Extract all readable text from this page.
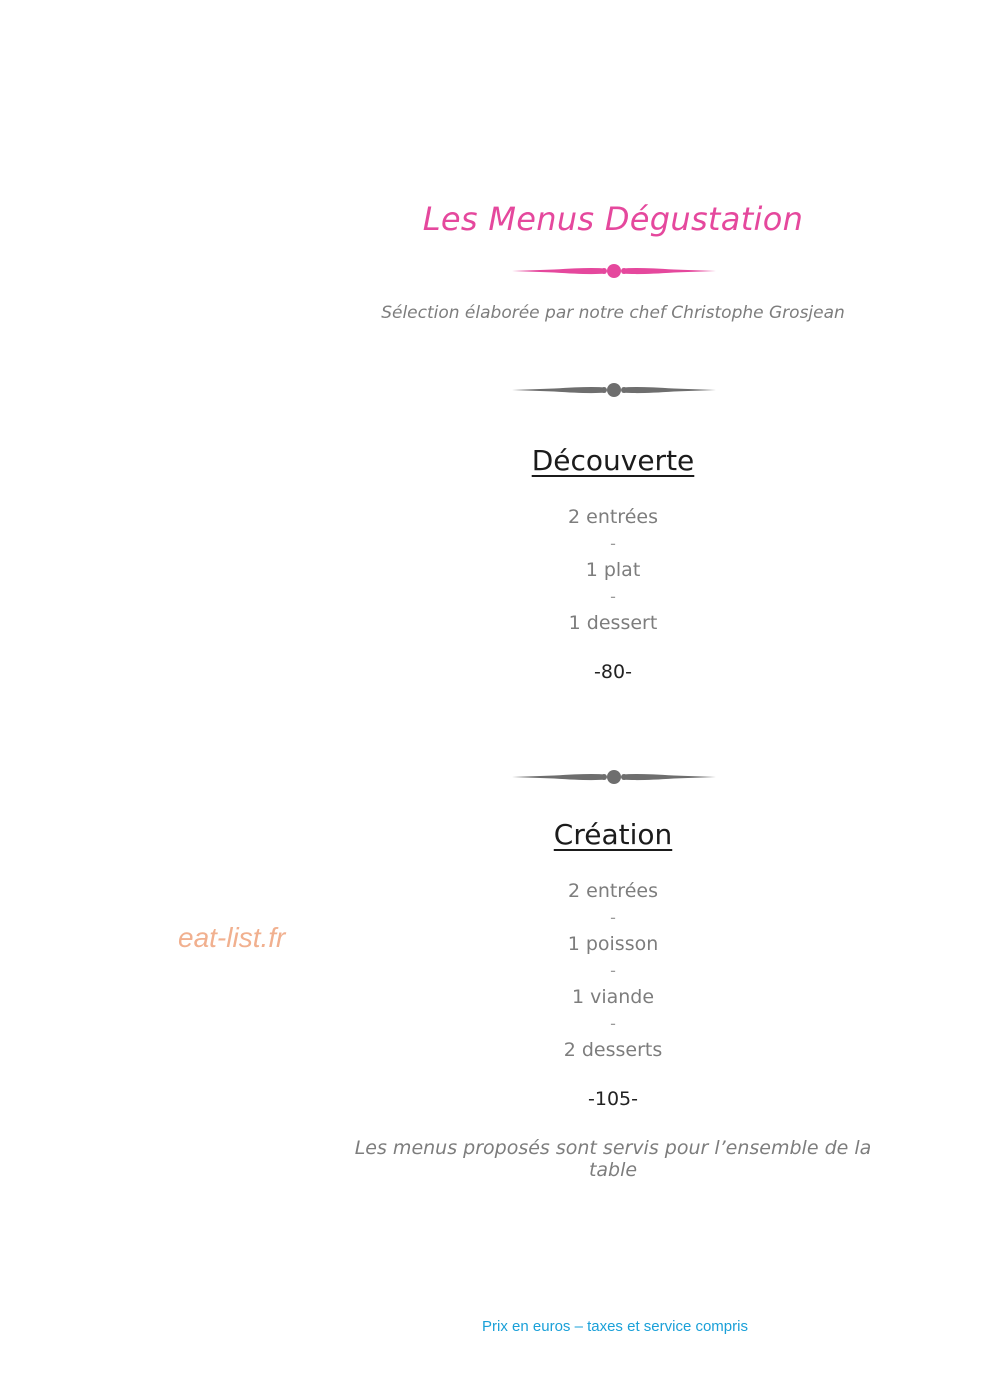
Les Menus Dégustation
Sélection élaborée par notre chef Christophe Grosjean
Découverte
2 entrées
-
1 plat
-
1 dessert
-80-
Création
2 entrées
-
1 poisson
-
1 viande
-
2 desserts
-105-
Les menus proposés sont servis pour l’ensemble de la table
eat-list.fr
Prix en euros – taxes et service compris
